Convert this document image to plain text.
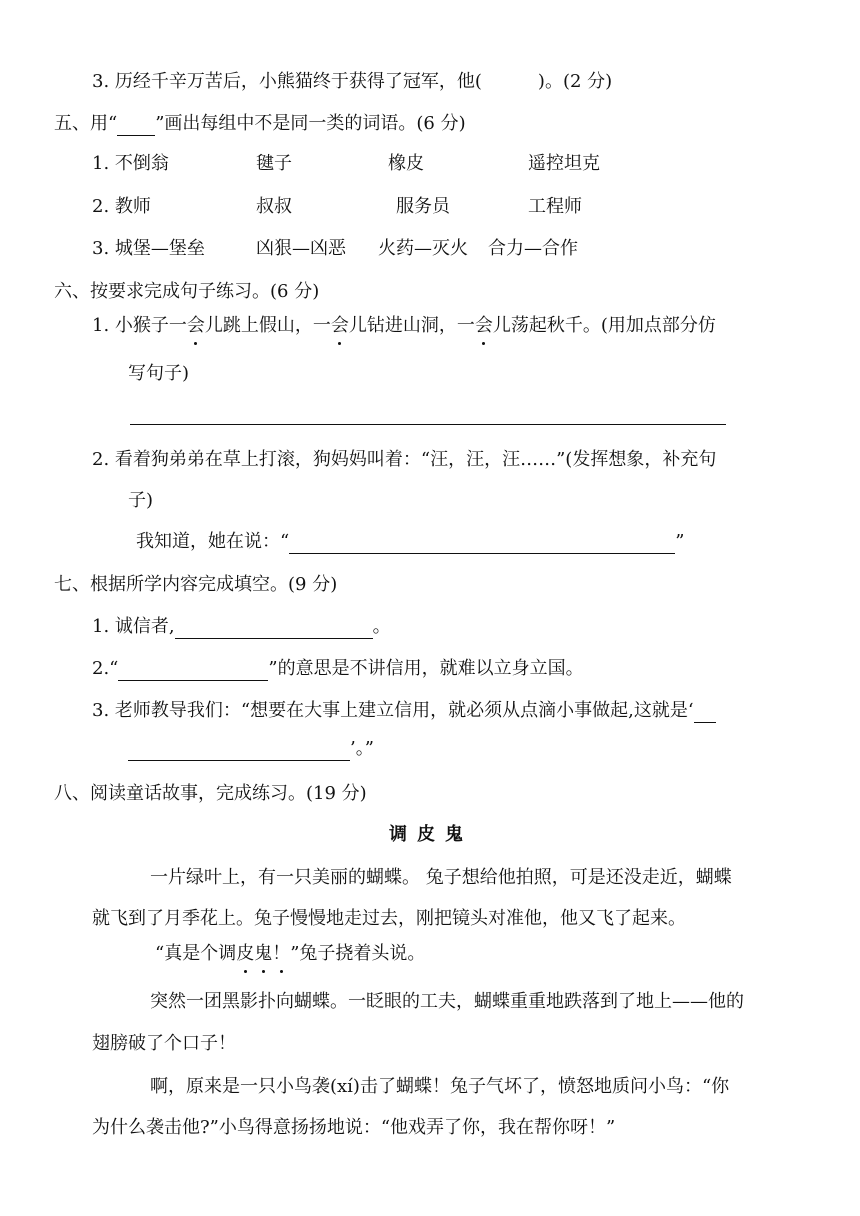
3. 历经千辛万苦后，小熊猫终于获得了冠军，他(	)。(2 分)
五、用“ ”画出每组中不是同一类的词语。(6 分)
1. 不倒翁	毽子	橡皮	遥控坦克
2. 教师	叔叔	服务员	工程师
3. 城堡—堡垒	凶狠—凶恶 火药—灭火 合力—合作
六、按要求完成句子练习。(6 分)
1. 小猴子一会儿跳上假山，一会儿钻进山洞，一会儿荡起秋千。(用加点部分仿
写句子)
2. 看着狗弟弟在草上打滚，狗妈妈叫着：“汪，汪，汪……”(发挥想象，补充句
子)
我知道，她在说：“	”
七、根据所学内容完成填空。(9 分)
1. 诚信者,	。
2.“	”的意思是不讲信用，就难以立身立国。
3. 老师教导我们：“想要在大事上建立信用，就必须从点滴小事做起,这就是‘
’。”
八、阅读童话故事，完成练习。(19 分)
调皮鬼
一片绿叶上，有一只美丽的蝴蝶。 兔子想给他拍照，可是还没走近，蝴蝶
就飞到了月季花上。兔子慢慢地走过去，刚把镜头对准他，他又飞了起来。
“真是个调皮鬼！”兔子挠着头说。
突然一团黑影扑向蝴蝶。一眨眼的工夫，蝴蝶重重地跌落到了地上——他的
翅膀破了个口子！
啊，原来是一只小鸟袭(xí)击了蝴蝶！兔子气坏了，愤怒地质问小鸟：“你
为什么袭击他?”小鸟得意扬扬地说：“他戏弄了你，我在帮你呀！”
